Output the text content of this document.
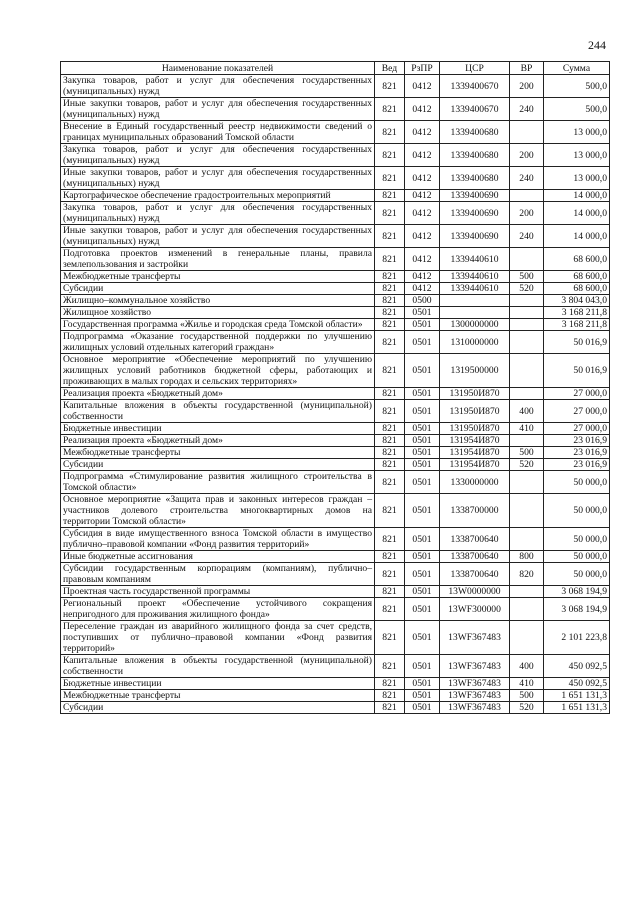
244
Наименование показателей	Вед	РзПР	ЦСР	ВР	Сумма
Закупка товаров, работ и услуг для обеспечения государственных (муниципальных) нужд	821	0412	1339400670	200	500,0
Иные закупки товаров, работ и услуг для обеспечения государственных (муниципальных) нужд	821	0412	1339400670	240	500,0
Внесение в Единый государственный реестр недвижимости сведений о границах муниципальных образований Томской области	821	0412	1339400680		13 000,0
Закупка товаров, работ и услуг для обеспечения государственных (муниципальных) нужд	821	0412	1339400680	200	13 000,0
Иные закупки товаров, работ и услуг для обеспечения государственных (муниципальных) нужд	821	0412	1339400680	240	13 000,0
Картографическое обеспечение градостроительных мероприятий	821	0412	1339400690		14 000,0
Закупка товаров, работ и услуг для обеспечения государственных (муниципальных) нужд	821	0412	1339400690	200	14 000,0
Иные закупки товаров, работ и услуг для обеспечения государственных (муниципальных) нужд	821	0412	1339400690	240	14 000,0
Подготовка проектов изменений в генеральные планы, правила землепользования и застройки	821	0412	1339440610		68 600,0
Межбюджетные трансферты	821	0412	1339440610	500	68 600,0
Субсидии	821	0412	1339440610	520	68 600,0
Жилищно–коммунальное хозяйство	821	0500			3 804 043,0
Жилищное хозяйство	821	0501			3 168 211,8
Государственная программа «Жилье и городская среда Томской области»	821	0501	1300000000		3 168 211,8
Подпрограмма «Оказание государственной поддержки по улучшению жилищных условий отдельных категорий граждан»	821	0501	1310000000		50 016,9
Основное мероприятие «Обеспечение мероприятий по улучшению жилищных условий работников бюджетной сферы, работающих и проживающих в малых городах и сельских территориях»	821	0501	1319500000		50 016,9
Реализация проекта «Бюджетный дом»	821	0501	131950И870		27 000,0
Капитальные вложения в объекты государственной (муниципальной) собственности	821	0501	131950И870	400	27 000,0
Бюджетные инвестиции	821	0501	131950И870	410	27 000,0
Реализация проекта «Бюджетный дом»	821	0501	131954И870		23 016,9
Межбюджетные трансферты	821	0501	131954И870	500	23 016,9
Субсидии	821	0501	131954И870	520	23 016,9
Подпрограмма «Стимулирование развития жилищного строительства в Томской области»	821	0501	1330000000		50 000,0
Основное мероприятие «Защита прав и законных интересов граждан – участников долевого строительства многоквартирных домов на территории Томской области»	821	0501	1338700000		50 000,0
Субсидия в виде имущественного взноса Томской области в имущество публично–правовой компании «Фонд развития территорий»	821	0501	1338700640		50 000,0
Иные бюджетные ассигнования	821	0501	1338700640	800	50 000,0
Субсидии государственным корпорациям (компаниям), публично–правовым компаниям	821	0501	1338700640	820	50 000,0
Проектная часть государственной программы	821	0501	13W0000000		3 068 194,9
Региональный проект «Обеспечение устойчивого сокращения непригодного для проживания жилищного фонда»	821	0501	13WF300000		3 068 194,9
Переселение граждан из аварийного жилищного фонда за счет средств, поступивших от публично–правовой компании «Фонд развития территорий»	821	0501	13WF367483		2 101 223,8
Капитальные вложения в объекты государственной (муниципальной) собственности	821	0501	13WF367483	400	450 092,5
Бюджетные инвестиции	821	0501	13WF367483	410	450 092,5
Межбюджетные трансферты	821	0501	13WF367483	500	1 651 131,3
Субсидии	821	0501	13WF367483	520	1 651 131,3
